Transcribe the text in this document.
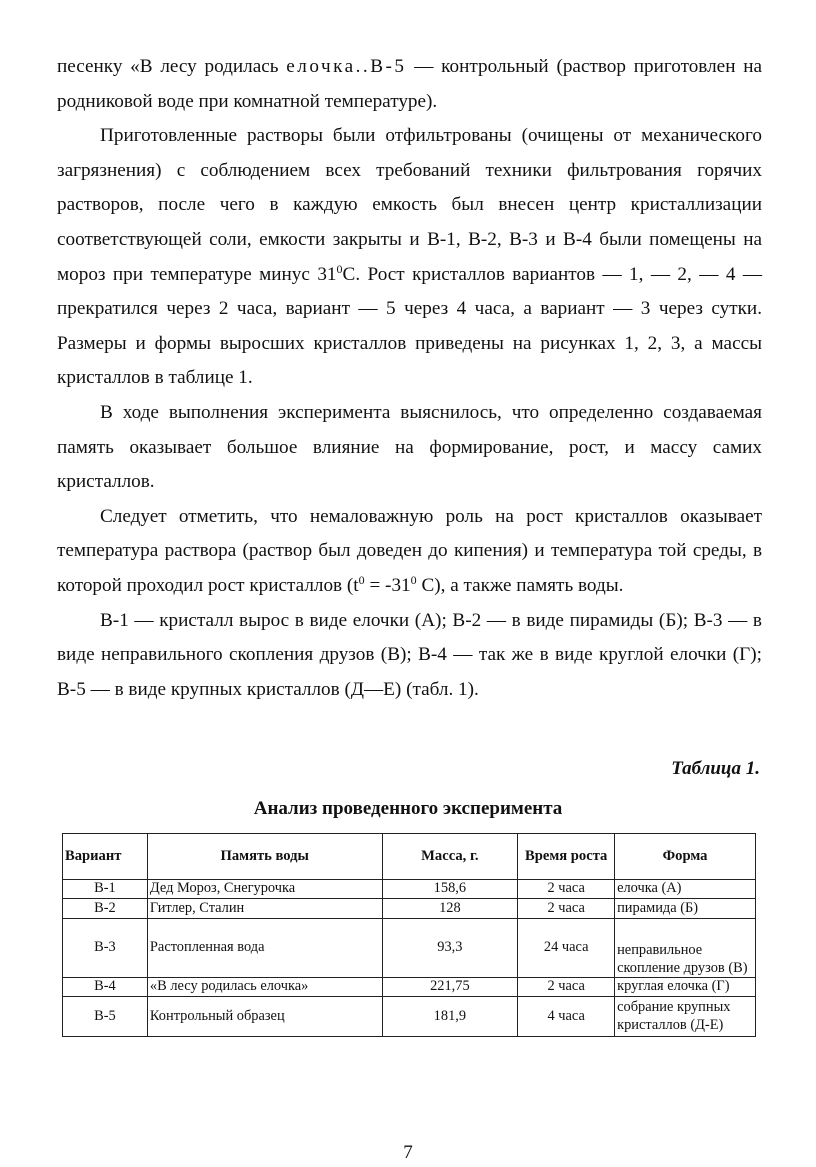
песенку «В лесу родилась елочка..В-5 — контрольный (раствор приготовлен на родниковой воде при комнатной температуре).

Приготовленные растворы были отфильтрованы (очищены от механического загрязнения) с соблюдением всех требований техники фильтрования горячих растворов, после чего в каждую емкость был внесен центр кристаллизации соответствующей соли, емкости закрыты и В-1, В-2, В-3 и В-4 были помещены на мороз при температуре минус $31^0С$. Рост кристаллов вариантов — 1, — 2, — 4 — прекратился через 2 часа, вариант — 5 через 4 часа, а вариант — 3 через сутки. Размеры и формы выросших кристаллов приведены на рисунках 1, 2, 3, а массы кристаллов в таблице 1.

В ходе выполнения эксперимента выяснилось, что определенно создаваемая память оказывает большое влияние на формирование, рост, и массу самих кристаллов.

Следует отметить, что немаловажную роль на рост кристаллов оказывает температура раствора (раствор был доведен до кипения) и температура той среды, в которой проходил рост кристаллов ($t^0 = -31^0$ С), а также память воды.

В-1 — кристалл вырос в виде елочки (А); В-2 — в виде пирамиды (Б); В-3 — в виде неправильного скопления друзов (В); В-4 — так же в виде круглой елочки (Г); В-5 — в виде крупных кристаллов (Д—Е) (табл. 1).

Таблица 1.
Анализ проведенного эксперимента
Вариант	Память воды	Масса, г.	Время роста	Форма
В-1	Дед Мороз, Снегурочка	158,6	2 часа	елочка (А)
В-2	Гитлер, Сталин	128	2 часа	пирамида (Б)
В-3	Растопленная вода	93,3	24 часа	неправильное скопление друзов (В)
В-4	«В лесу родилась елочка»	221,75	2 часа	круглая елочка (Г)
В-5	Контрольный образец	181,9	4 часа	собрание крупных кристаллов (Д-Е)
7
